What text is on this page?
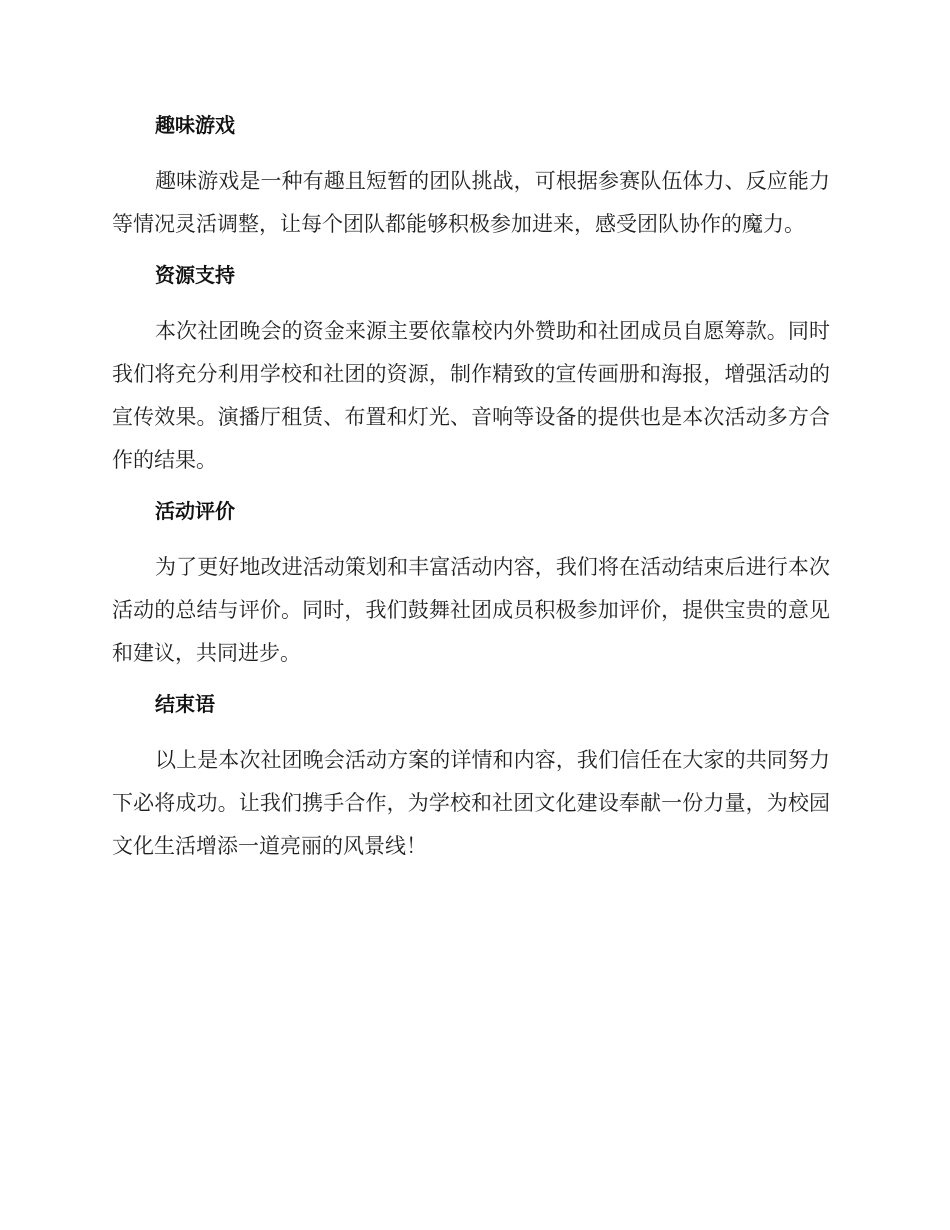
趣味游戏

趣味游戏是一种有趣且短暂的团队挑战，可根据参赛队伍体力、反应能力等情况灵活调整，让每个团队都能够积极参加进来，感受团队协作的魔力。

资源支持

本次社团晚会的资金来源主要依靠校内外赞助和社团成员自愿筹款。同时我们将充分利用学校和社团的资源，制作精致的宣传画册和海报，增强活动的宣传效果。演播厅租赁、布置和灯光、音响等设备的提供也是本次活动多方合作的结果。

活动评价

为了更好地改进活动策划和丰富活动内容，我们将在活动结束后进行本次活动的总结与评价。同时，我们鼓舞社团成员积极参加评价，提供宝贵的意见和建议，共同进步。

结束语

以上是本次社团晚会活动方案的详情和内容，我们信任在大家的共同努力下必将成功。让我们携手合作，为学校和社团文化建设奉献一份力量，为校园文化生活增添一道亮丽的风景线！
